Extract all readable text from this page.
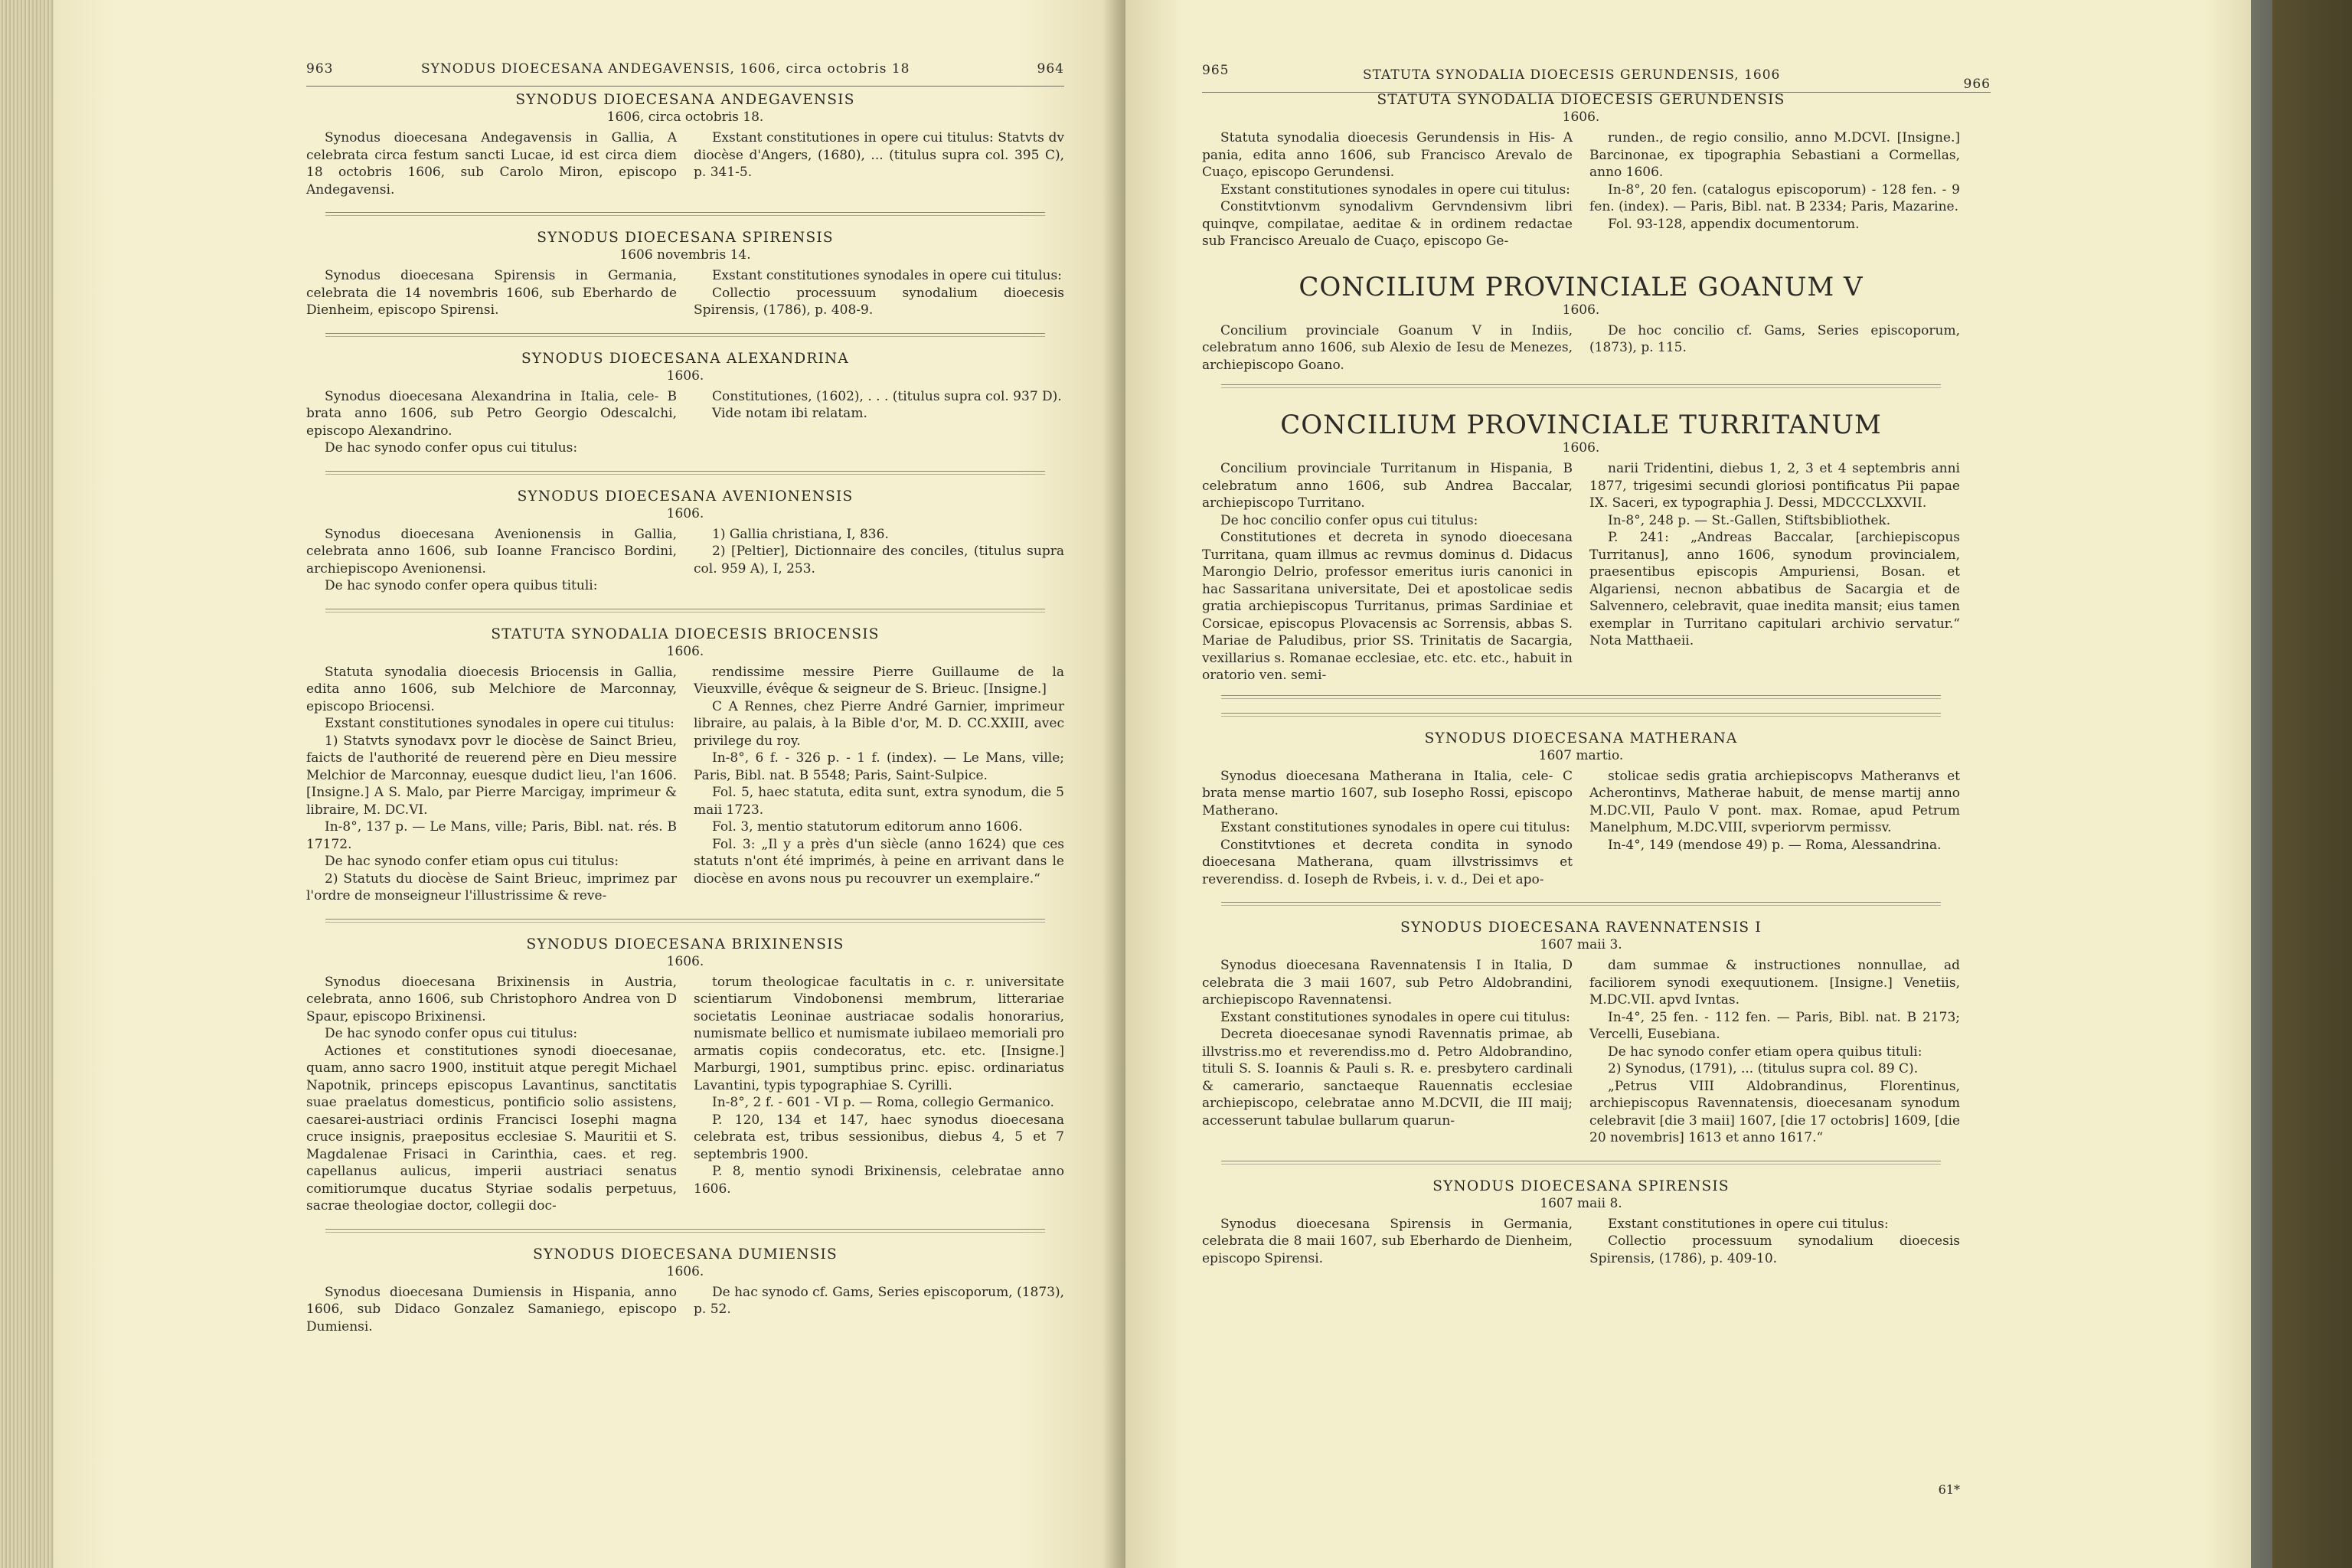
963	SYNODUS DIOECESANA ANDEGAVENSIS, 1606, circa octobris 18	964
SYNODUS DIOECESANA ANDEGAVENSIS
1606, circa octobris 18.

Synodus dioecesana Andegavensis in Gallia, A celebrata circa festum sancti Lucae, id est circa diem 18 octobris 1606, sub Carolo Miron, episcopo Andegavensi.

Exstant constitutiones in opere cui titulus: Statvts dv diocèse d'Angers, (1680), ... (titulus supra col. 395 C), p. 341-5.

SYNODUS DIOECESANA SPIRENSIS
1606 novembris 14.

Synodus dioecesana Spirensis in Germania, celebrata die 14 novembris 1606, sub Eberhardo de Dienheim, episcopo Spirensi.

Exstant constitutiones synodales in opere cui titulus:

Collectio processuum synodalium dioecesis Spirensis, (1786), p. 408-9.

SYNODUS DIOECESANA ALEXANDRINA
1606.

Synodus dioecesana Alexandrina in Italia, cele- B brata anno 1606, sub Petro Georgio Odescalchi, episcopo Alexandrino.

De hac synodo confer opus cui titulus:

Constitutiones, (1602), . . . (titulus supra col. 937 D).

Vide notam ibi relatam.

SYNODUS DIOECESANA AVENIONENSIS
1606.

Synodus dioecesana Avenionensis in Gallia, celebrata anno 1606, sub Ioanne Francisco Bordini, archiepiscopo Avenionensi.

De hac synodo confer opera quibus tituli:

1) Gallia christiana, I, 836.

2) [Peltier], Dictionnaire des conciles, (titulus supra col. 959 A), I, 253.

STATUTA SYNODALIA DIOECESIS BRIOCENSIS
1606.

Statuta synodalia dioecesis Briocensis in Gallia, edita anno 1606, sub Melchiore de Marconnay, episcopo Briocensi.

Exstant constitutiones synodales in opere cui titulus:

1) Statvts synodavx povr le diocèse de Sainct Brieu, faicts de l'authorité de reuerend père en Dieu messire Melchior de Marconnay, euesque dudict lieu, l'an 1606. [Insigne.] A S. Malo, par Pierre Marcigay, imprimeur & libraire, M. DC.VI.

In-8°, 137 p. — Le Mans, ville; Paris, Bibl. nat. rés. B 17172.

De hac synodo confer etiam opus cui titulus:

2) Statuts du diocèse de Saint Brieuc, imprimez par l'ordre de monseigneur l'illustrissime & reve-

rendissime messire Pierre Guillaume de la Vieuxville, évêque & seigneur de S. Brieuc. [Insigne.]

C A Rennes, chez Pierre André Garnier, imprimeur libraire, au palais, à la Bible d'or, M. D. CC.XXIII, avec privilege du roy.

In-8°, 6 f. - 326 p. - 1 f. (index). — Le Mans, ville; Paris, Bibl. nat. B 5548; Paris, Saint-Sulpice.

Fol. 5, haec statuta, edita sunt, extra synodum, die 5 maii 1723.

Fol. 3, mentio statutorum editorum anno 1606.

Fol. 3: „Il y a près d'un siècle (anno 1624) que ces statuts n'ont été imprimés, à peine en arrivant dans le diocèse en avons nous pu recouvrer un exemplaire.“

SYNODUS DIOECESANA BRIXINENSIS
1606.

Synodus dioecesana Brixinensis in Austria, celebrata, anno 1606, sub Christophoro Andrea von D Spaur, episcopo Brixinensi.

De hac synodo confer opus cui titulus:

Actiones et constitutiones synodi dioecesanae, quam, anno sacro 1900, instituit atque peregit Michael Napotnik, princeps episcopus Lavantinus, sanctitatis suae praelatus domesticus, pontificio solio assistens, caesarei-austriaci ordinis Francisci Iosephi magna cruce insignis, praepositus ecclesiae S. Mauritii et S. Magdalenae Frisaci in Carinthia, caes. et reg. capellanus aulicus, imperii austriaci senatus comitiorumque ducatus Styriae sodalis perpetuus, sacrae theologiae doctor, collegii doc-

torum theologicae facultatis in c. r. universitate scientiarum Vindobonensi membrum, litterariae societatis Leoninae austriacae sodalis honorarius, numismate bellico et numismate iubilaeo memoriali pro armatis copiis condecoratus, etc. etc. [Insigne.] Marburgi, 1901, sumptibus princ. episc. ordinariatus Lavantini, typis typographiae S. Cyrilli.

In-8°, 2 f. - 601 - VI p. — Roma, collegio Germanico.

P. 120, 134 et 147, haec synodus dioecesana celebrata est, tribus sessionibus, diebus 4, 5 et 7 septembris 1900.

P. 8, mentio synodi Brixinensis, celebratae anno 1606.

SYNODUS DIOECESANA DUMIENSIS
1606.

Synodus dioecesana Dumiensis in Hispania, anno 1606, sub Didaco Gonzalez Samaniego, episcopo Dumiensi.

De hac synodo cf. Gams, Series episcoporum, (1873), p. 52.

965	STATUTA SYNODALIA DIOECESIS GERUNDENSIS, 1606
966
STATUTA SYNODALIA DIOECESIS GERUNDENSIS
1606.

Statuta synodalia dioecesis Gerundensis in His- A pania, edita anno 1606, sub Francisco Arevalo de Cuaço, episcopo Gerundensi.

Exstant constitutiones synodales in opere cui titulus:

Constitvtionvm synodalivm Gervndensivm libri quinqve, compilatae, aeditae & in ordinem redactae sub Francisco Areualo de Cuaço, episcopo Ge-

runden., de regio consilio, anno M.DCVI. [Insigne.] Barcinonae, ex tipographia Sebastiani a Cormellas, anno 1606.

In-8°, 20 fen. (catalogus episcoporum) - 128 fen. - 9 fen. (index). — Paris, Bibl. nat. B 2334; Paris, Mazarine.

Fol. 93-128, appendix documentorum.

CONCILIUM PROVINCIALE GOANUM V
1606.

Concilium provinciale Goanum V in Indiis, celebratum anno 1606, sub Alexio de Iesu de Menezes, archiepiscopo Goano.

De hoc concilio cf. Gams, Series episcoporum, (1873), p. 115.

CONCILIUM PROVINCIALE TURRITANUM
1606.

Concilium provinciale Turritanum in Hispania, B celebratum anno 1606, sub Andrea Baccalar, archiepiscopo Turritano.

De hoc concilio confer opus cui titulus:

Constitutiones et decreta in synodo dioecesana Turritana, quam illmus ac revmus dominus d. Didacus Marongio Delrio, professor emeritus iuris canonici in hac Sassaritana universitate, Dei et apostolicae sedis gratia archiepiscopus Turritanus, primas Sardiniae et Corsicae, episcopus Plovacensis ac Sorrensis, abbas S. Mariae de Paludibus, prior SS. Trinitatis de Sacargia, vexillarius s. Romanae ecclesiae, etc. etc. etc., habuit in oratorio ven. semi-

narii Tridentini, diebus 1, 2, 3 et 4 septembris anni 1877, trigesimi secundi gloriosi pontificatus Pii papae IX. Saceri, ex typographia J. Dessi, MDCCCLXXVII.

In-8°, 248 p. — St.-Gallen, Stiftsbibliothek.

P. 241: „Andreas Baccalar, [archiepiscopus Turritanus], anno 1606, synodum provincialem, praesentibus episcopis Ampuriensi, Bosan. et Algariensi, necnon abbatibus de Sacargia et de Salvennero, celebravit, quae inedita mansit; eius tamen exemplar in Turritano capitulari archivio servatur.“ Nota Matthaeii.

SYNODUS DIOECESANA MATHERANA
1607 martio.

Synodus dioecesana Matherana in Italia, cele- C brata mense martio 1607, sub Iosepho Rossi, episcopo Matherano.

Exstant constitutiones synodales in opere cui titulus:

Constitvtiones et decreta condita in synodo dioecesana Matherana, quam illvstrissimvs et reverendiss. d. Ioseph de Rvbeis, i. v. d., Dei et apo-

stolicae sedis gratia archiepiscopvs Matheranvs et Acherontinvs, Matherae habuit, de mense martij anno M.DC.VII, Paulo V pont. max. Romae, apud Petrum Manelphum, M.DC.VIII, svperiorvm permissv.

In-4°, 149 (mendose 49) p. — Roma, Alessandrina.

SYNODUS DIOECESANA RAVENNATENSIS I
1607 maii 3.

Synodus dioecesana Ravennatensis I in Italia, D celebrata die 3 maii 1607, sub Petro Aldobrandini, archiepiscopo Ravennatensi.

Exstant constitutiones synodales in opere cui titulus:

Decreta dioecesanae synodi Ravennatis primae, ab illvstriss.mo et reverendiss.mo d. Petro Aldobrandino, tituli S. S. Ioannis & Pauli s. R. e. presbytero cardinali & camerario, sanctaeque Rauennatis ecclesiae archiepiscopo, celebratae anno M.DCVII, die III maij; accesserunt tabulae bullarum quarun-

dam summae & instructiones nonnullae, ad faciliorem synodi exequutionem. [Insigne.] Venetiis, M.DC.VII. apvd Ivntas.

In-4°, 25 fen. - 112 fen. — Paris, Bibl. nat. B 2173; Vercelli, Eusebiana.

De hac synodo confer etiam opera quibus tituli:

2) Synodus, (1791), ... (titulus supra col. 89 C).

„Petrus VIII Aldobrandinus, Florentinus, archiepiscopus Ravennatensis, dioecesanam synodum celebravit [die 3 maii] 1607, [die 17 octobris] 1609, [die 20 novembris] 1613 et anno 1617.“

SYNODUS DIOECESANA SPIRENSIS
1607 maii 8.

Synodus dioecesana Spirensis in Germania, celebrata die 8 maii 1607, sub Eberhardo de Dienheim, episcopo Spirensi.

Exstant constitutiones in opere cui titulus:

Collectio processuum synodalium dioecesis Spirensis, (1786), p. 409-10.

61*
